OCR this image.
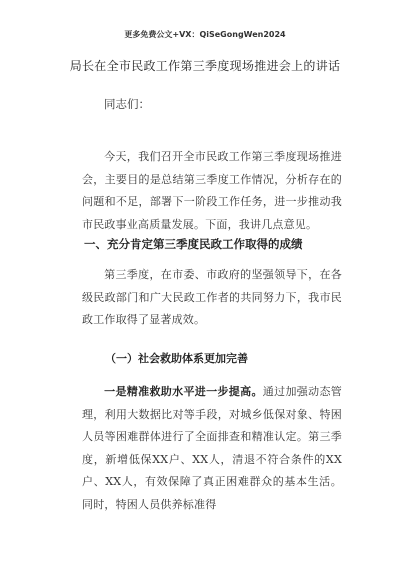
更多免费公文+VX：QiSeGongWen2024
局长在全市民政工作第三季度现场推进会上的讲话
同志们：
今天，我们召开全市民政工作第三季度现场推进会，主要目的是总结第三季度工作情况，分析存在的问题和不足，部署下一阶段工作任务，进一步推动我市民政事业高质量发展。下面，我讲几点意见。
一、充分肯定第三季度民政工作取得的成绩
第三季度，在市委、市政府的坚强领导下，在各级民政部门和广大民政工作者的共同努力下，我市民政工作取得了显著成效。
（一）社会救助体系更加完善
一是精准救助水平进一步提高。通过加强动态管理，利用大数据比对等手段，对城乡低保对象、特困人员等困难群体进行了全面排查和精准认定。第三季度，新增低保XX户、XX人，清退不符合条件的XX户、XX人，有效保障了真正困难群众的基本生活。同时，特困人员供养标准得
